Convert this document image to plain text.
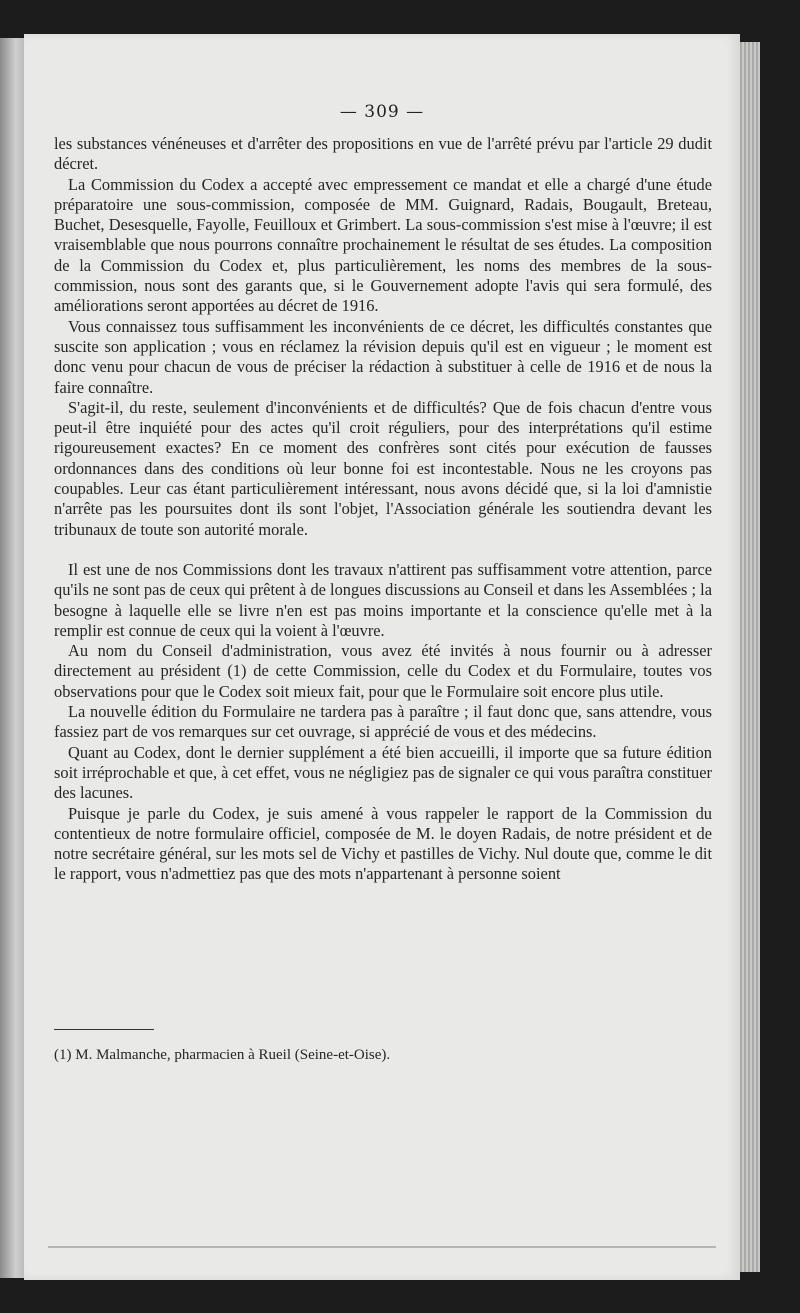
— 309 —

les substances vénéneuses et d'arrêter des propositions en vue de l'arrêté prévu par l'article 29 dudit décret.

La Commission du Codex a accepté avec empressement ce mandat et elle a chargé d'une étude préparatoire une sous-commission, composée de MM. Guignard, Radais, Bougault, Breteau, Buchet, Desesquelle, Fayolle, Feuilloux et Grimbert. La sous-commission s'est mise à l'œuvre; il est vraisemblable que nous pourrons connaître prochainement le résultat de ses études. La composition de la Commission du Codex et, plus particulièrement, les noms des membres de la sous-commission, nous sont des garants que, si le Gouvernement adopte l'avis qui sera formulé, des améliorations seront apportées au décret de 1916.

Vous connaissez tous suffisamment les inconvénients de ce décret, les difficultés constantes que suscite son application ; vous en réclamez la révision depuis qu'il est en vigueur ; le moment est donc venu pour chacun de vous de préciser la rédaction à substituer à celle de 1916 et de nous la faire connaître.

S'agit-il, du reste, seulement d'inconvénients et de difficultés? Que de fois chacun d'entre vous peut-il être inquiété pour des actes qu'il croit réguliers, pour des interprétations qu'il estime rigoureusement exactes? En ce moment des confrères sont cités pour exécution de fausses ordonnances dans des conditions où leur bonne foi est incontestable. Nous ne les croyons pas coupables. Leur cas étant particulièrement intéressant, nous avons décidé que, si la loi d'amnistie n'arrête pas les poursuites dont ils sont l'objet, l'Association générale les soutiendra devant les tribunaux de toute son autorité morale.

Il est une de nos Commissions dont les travaux n'attirent pas suffisamment votre attention, parce qu'ils ne sont pas de ceux qui prêtent à de longues discussions au Conseil et dans les Assemblées ; la besogne à laquelle elle se livre n'en est pas moins importante et la conscience qu'elle met à la remplir est connue de ceux qui la voient à l'œuvre.

Au nom du Conseil d'administration, vous avez été invités à nous fournir ou à adresser directement au président (1) de cette Commission, celle du Codex et du Formulaire, toutes vos observations pour que le Codex soit mieux fait, pour que le Formulaire soit encore plus utile.

La nouvelle édition du Formulaire ne tardera pas à paraître ; il faut donc que, sans attendre, vous fassiez part de vos remarques sur cet ouvrage, si apprécié de vous et des médecins.

Quant au Codex, dont le dernier supplément a été bien accueilli, il importe que sa future édition soit irréprochable et que, à cet effet, vous ne négligiez pas de signaler ce qui vous paraîtra constituer des lacunes.

Puisque je parle du Codex, je suis amené à vous rappeler le rapport de la Commission du contentieux de notre formulaire officiel, composée de M. le doyen Radais, de notre président et de notre secrétaire général, sur les mots sel de Vichy et pastilles de Vichy. Nul doute que, comme le dit le rapport, vous n'admettiez pas que des mots n'appartenant à personne soient

(1) M. Malmanche, pharmacien à Rueil (Seine-et-Oise).
